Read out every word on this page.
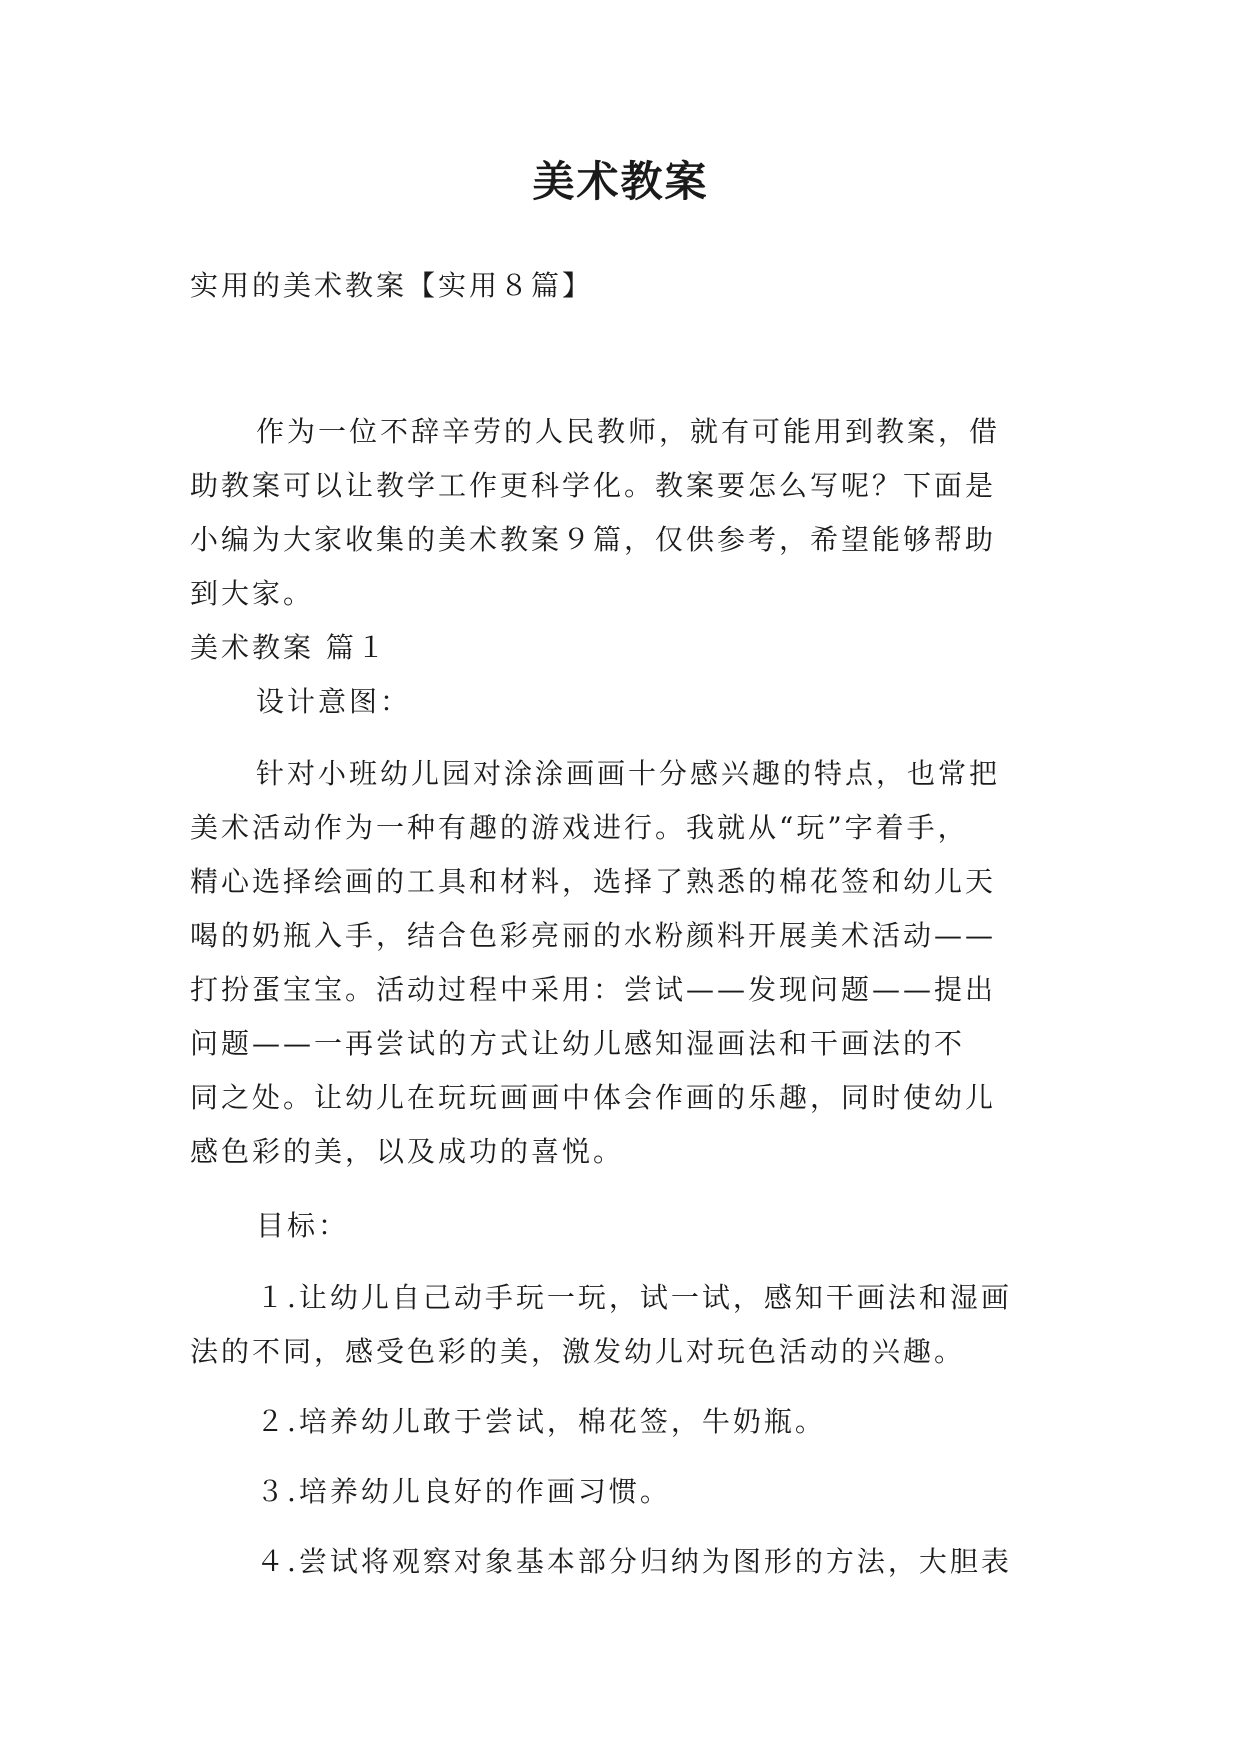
美术教案
实用的美术教案【实用８篇】
作为一位不辞辛劳的人民教师，就有可能用到教案，借
助教案可以让教学工作更科学化。教案要怎么写呢？下面是
小编为大家收集的美术教案９篇，仅供参考，希望能够帮助
到大家。
美术教案 篇１
设计意图：
针对小班幼儿园对涂涂画画十分感兴趣的特点，也常把
美术活动作为一种有趣的游戏进行。我就从“玩”字着手，
精心选择绘画的工具和材料，选择了熟悉的棉花签和幼儿天
喝的奶瓶入手，结合色彩亮丽的水粉颜料开展美术活动——
打扮蛋宝宝。活动过程中采用：尝试——发现问题——提出
问题——一再尝试的方式让幼儿感知湿画法和干画法的不
同之处。让幼儿在玩玩画画中体会作画的乐趣，同时使幼儿
感色彩的美，以及成功的喜悦。
目标：
１.让幼儿自己动手玩一玩，试一试，感知干画法和湿画
法的不同，感受色彩的美，激发幼儿对玩色活动的兴趣。
２.培养幼儿敢于尝试，棉花签，牛奶瓶。
３.培养幼儿良好的作画习惯。
４.尝试将观察对象基本部分归纳为图形的方法，大胆表
